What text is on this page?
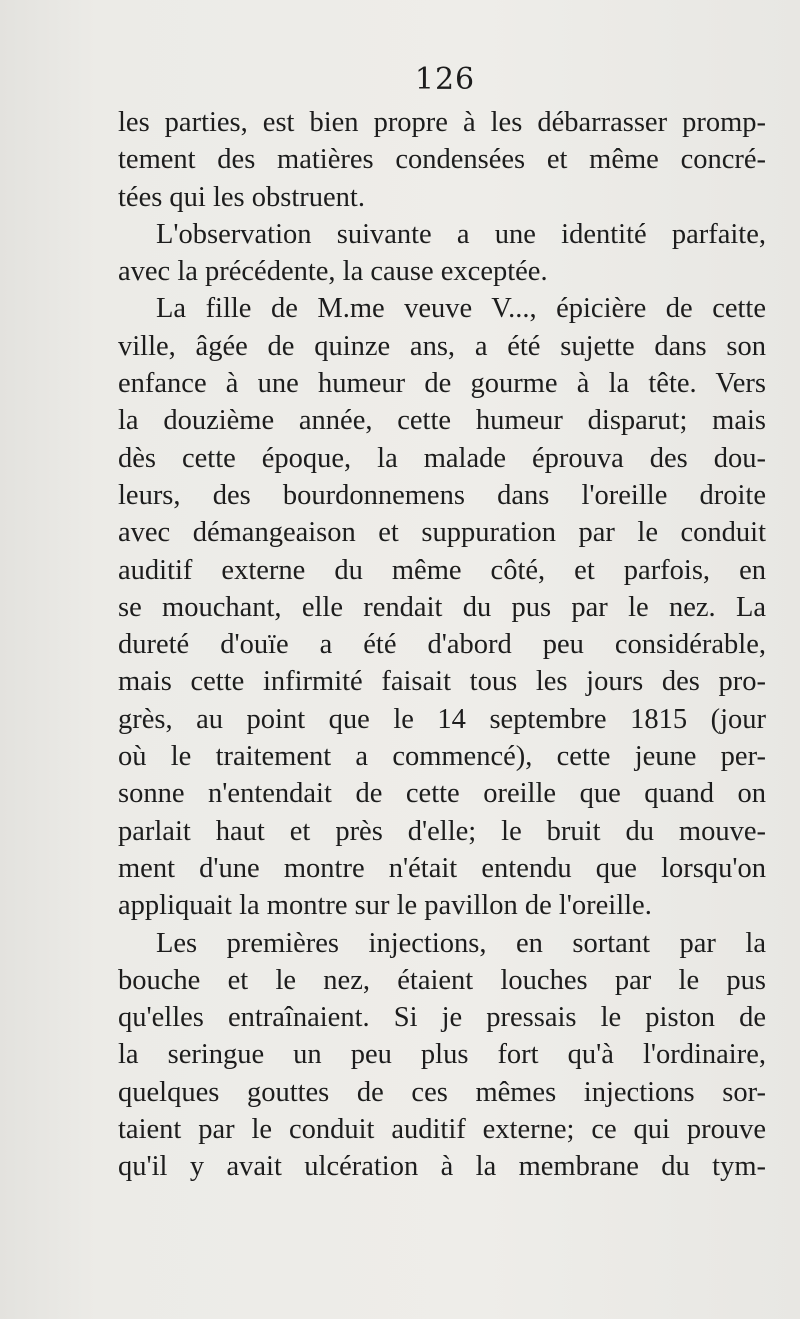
126
les parties, est bien propre à les débarrasser promp-
tement des matières condensées et même concré-
tées qui les obstruent.
L'observation suivante a une identité parfaite,
avec la précédente, la cause exceptée.
La fille de M.me veuve V..., épicière de cette
ville, âgée de quinze ans, a été sujette dans son
enfance à une humeur de gourme à la tête. Vers
la douzième année, cette humeur disparut; mais
dès cette époque, la malade éprouva des dou-
leurs, des bourdonnemens dans l'oreille droite
avec démangeaison et suppuration par le conduit
auditif externe du même côté, et parfois, en
se mouchant, elle rendait du pus par le nez. La
dureté d'ouïe a été d'abord peu considérable,
mais cette infirmité faisait tous les jours des pro-
grès, au point que le 14 septembre 1815 (jour
où le traitement a commencé), cette jeune per-
sonne n'entendait de cette oreille que quand on
parlait haut et près d'elle; le bruit du mouve-
ment d'une montre n'était entendu que lorsqu'on
appliquait la montre sur le pavillon de l'oreille.
Les premières injections, en sortant par la
bouche et le nez, étaient louches par le pus
qu'elles entraînaient. Si je pressais le piston de
la seringue un peu plus fort qu'à l'ordinaire,
quelques gouttes de ces mêmes injections sor-
taient par le conduit auditif externe; ce qui prouve
qu'il y avait ulcération à la membrane du tym-
